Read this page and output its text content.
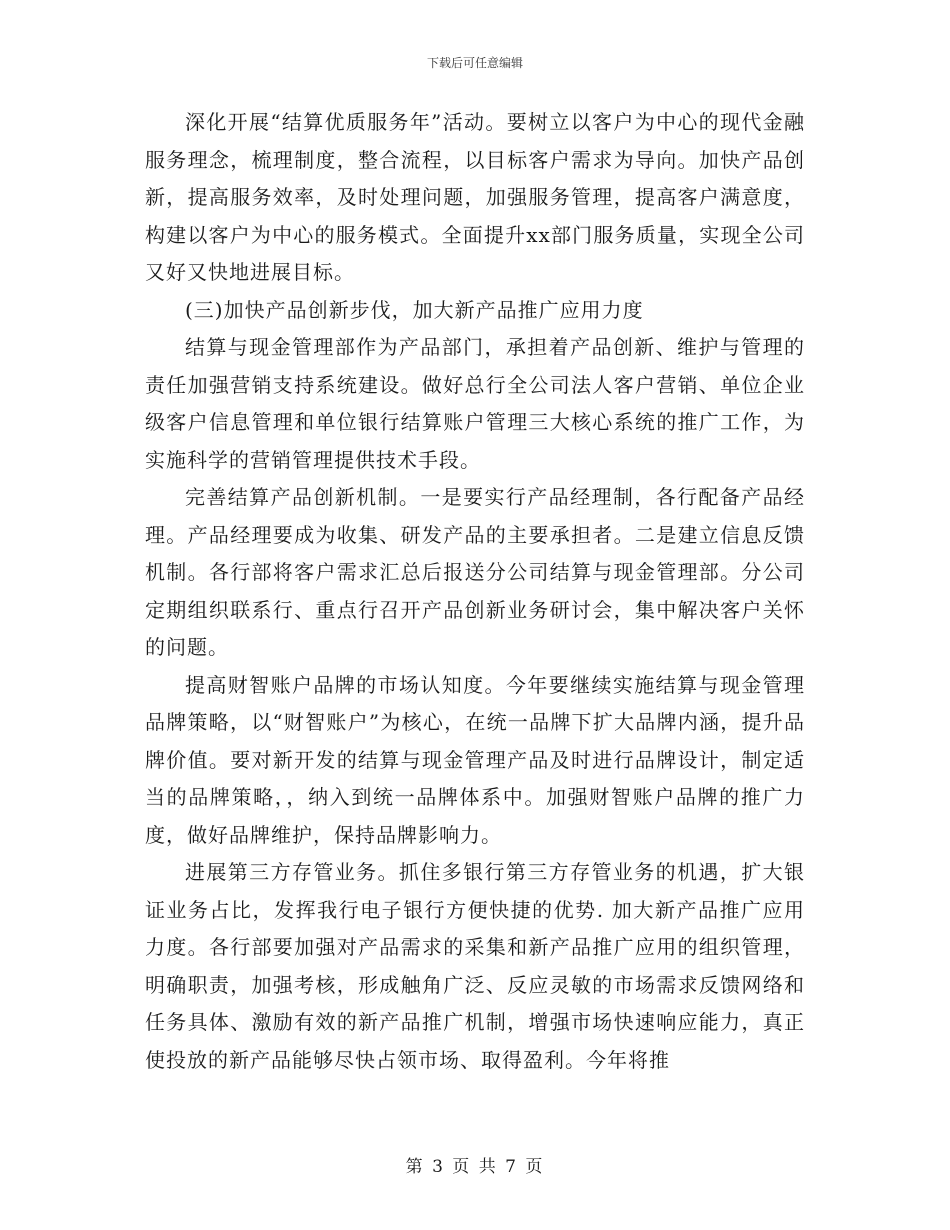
下载后可任意编辑

深化开展“结算优质服务年”活动。要树立以客户为中心的现代金融服务理念，梳理制度，整合流程，以目标客户需求为导向。加快产品创新，提高服务效率，及时处理问题，加强服务管理，提高客户满意度，构建以客户为中心的服务模式。全面提升xx部门服务质量，实现全公司又好又快地进展目标。

(三)加快产品创新步伐，加大新产品推广应用力度

结算与现金管理部作为产品部门，承担着产品创新、维护与管理的责任加强营销支持系统建设。做好总行全公司法人客户营销、单位企业级客户信息管理和单位银行结算账户管理三大核心系统的推广工作，为实施科学的营销管理提供技术手段。

完善结算产品创新机制。一是要实行产品经理制，各行配备产品经理。产品经理要成为收集、研发产品的主要承担者。二是建立信息反馈机制。各行部将客户需求汇总后报送分公司结算与现金管理部。分公司定期组织联系行、重点行召开产品创新业务研讨会，集中解决客户关怀的问题。

提高财智账户品牌的市场认知度。今年要继续实施结算与现金管理品牌策略，以“财智账户”为核心，在统一品牌下扩大品牌内涵，提升品牌价值。要对新开发的结算与现金管理产品及时进行品牌设计，制定适当的品牌策略，，纳入到统一品牌体系中。加强财智账户品牌的推广力度，做好品牌维护，保持品牌影响力。

进展第三方存管业务。抓住多银行第三方存管业务的机遇，扩大银证业务占比，发挥我行电子银行方便快捷的优势. 加大新产品推广应用力度。各行部要加强对产品需求的采集和新产品推广应用的组织管理，明确职责，加强考核，形成触角广泛、反应灵敏的市场需求反馈网络和任务具体、激励有效的新产品推广机制，增强市场快速响应能力，真正使投放的新产品能够尽快占领市场、取得盈利。今年将推

第 3 页 共 7 页
